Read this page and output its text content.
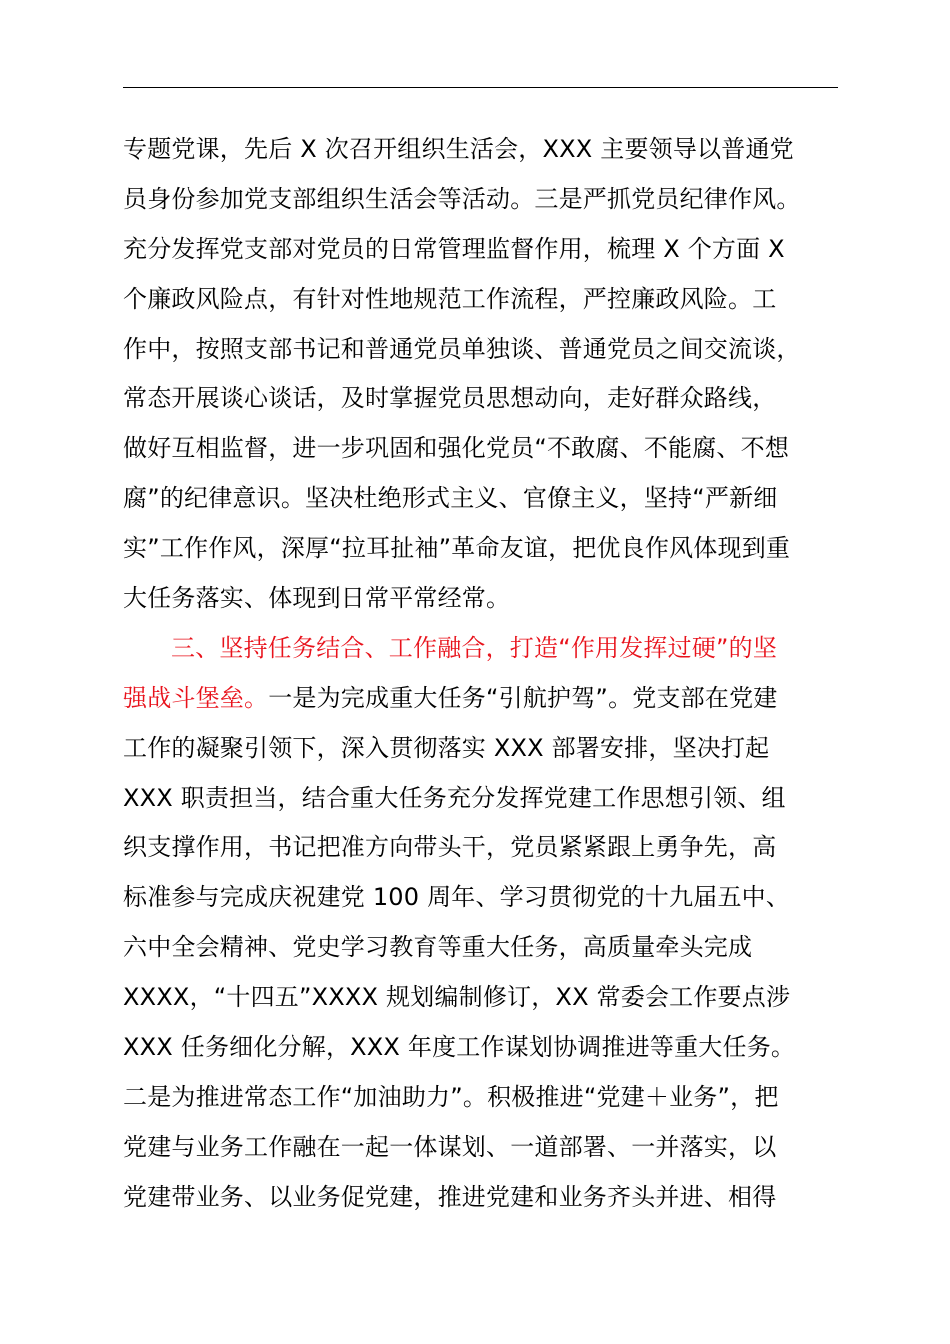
专题党课，先后 X 次召开组织生活会，XXX 主要领导以普通党
员身份参加党支部组织生活会等活动。三是严抓党员纪律作风。
充分发挥党支部对党员的日常管理监督作用，梳理 X 个方面 X
个廉政风险点，有针对性地规范工作流程，严控廉政风险。工
作中，按照支部书记和普通党员单独谈、普通党员之间交流谈，
常态开展谈心谈话，及时掌握党员思想动向，走好群众路线，
做好互相监督，进一步巩固和强化党员“不敢腐、不能腐、不想
腐”的纪律意识。坚决杜绝形式主义、官僚主义，坚持“严新细
实”工作作风，深厚“拉耳扯袖”革命友谊，把优良作风体现到重
大任务落实、体现到日常平常经常。
三、坚持任务结合、工作融合，打造“作用发挥过硬”的坚
强战斗堡垒。一是为完成重大任务“引航护驾”。党支部在党建
工作的凝聚引领下，深入贯彻落实 XXX 部署安排，坚决打起
XXX 职责担当，结合重大任务充分发挥党建工作思想引领、组
织支撑作用，书记把准方向带头干，党员紧紧跟上勇争先，高
标准参与完成庆祝建党 100 周年、学习贯彻党的十九届五中、
六中全会精神、党史学习教育等重大任务，高质量牵头完成
XXXX，“十四五”XXXX 规划编制修订，XX 常委会工作要点涉
XXX 任务细化分解，XXX 年度工作谋划协调推进等重大任务。
二是为推进常态工作“加油助力”。积极推进“党建＋业务”，把
党建与业务工作融在一起一体谋划、一道部署、一并落实，以
党建带业务、以业务促党建，推进党建和业务齐头并进、相得
